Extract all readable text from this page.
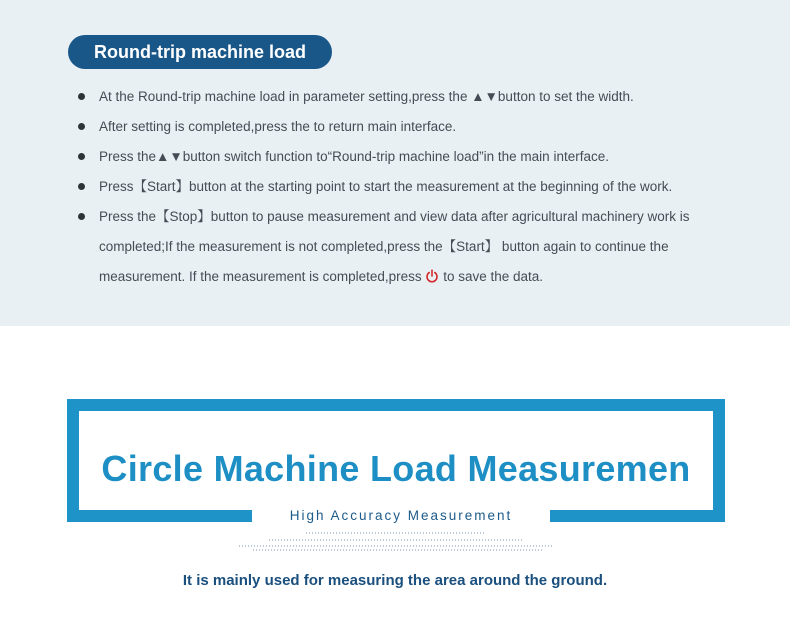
Round-trip machine load
At the Round-trip machine load in parameter setting,press the ▲▼button to set the width.
After setting is completed,press the to return main interface.
Press the▲▼button switch function to“Round-trip machine load”in the main interface.
Press【Start】button at the starting point to start the measurement at the beginning of the work.
Press the【Stop】button to pause measurement and view data after agricultural machinery work is completed;If the measurement is not completed,press the【Start】 button again to continue the measurement. If the measurement is completed,press to save the data.
Circle Machine Load Measuremen
High Accuracy Measurement
It is mainly used for measuring the area around the ground.
